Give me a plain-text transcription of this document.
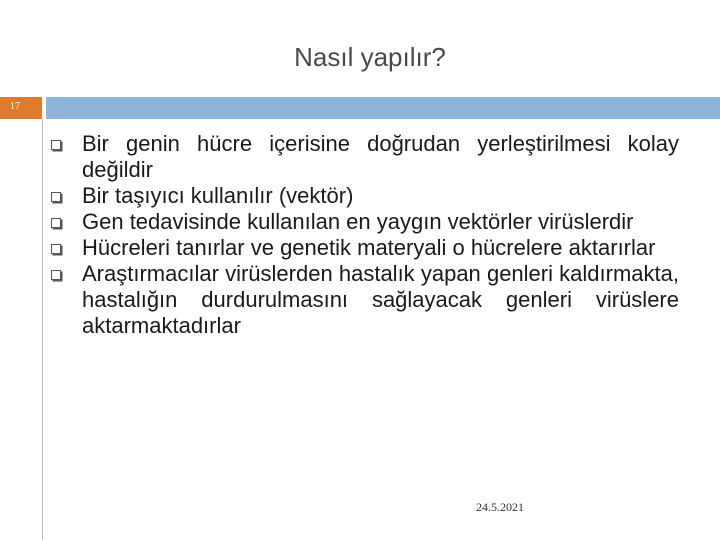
Nasıl yapılır?
17
Bir genin hücre içerisine doğrudan yerleştirilmesi kolay değildir
Bir taşıyıcı kullanılır (vektör)
Gen tedavisinde kullanılan en yaygın vektörler virüslerdir
Hücreleri tanırlar ve genetik materyali o hücrelere aktarırlar
Araştırmacılar virüslerden hastalık yapan genleri kaldırmakta, hastalığın durdurulmasını sağlayacak genleri virüslere aktarmaktadırlar
24.5.2021
